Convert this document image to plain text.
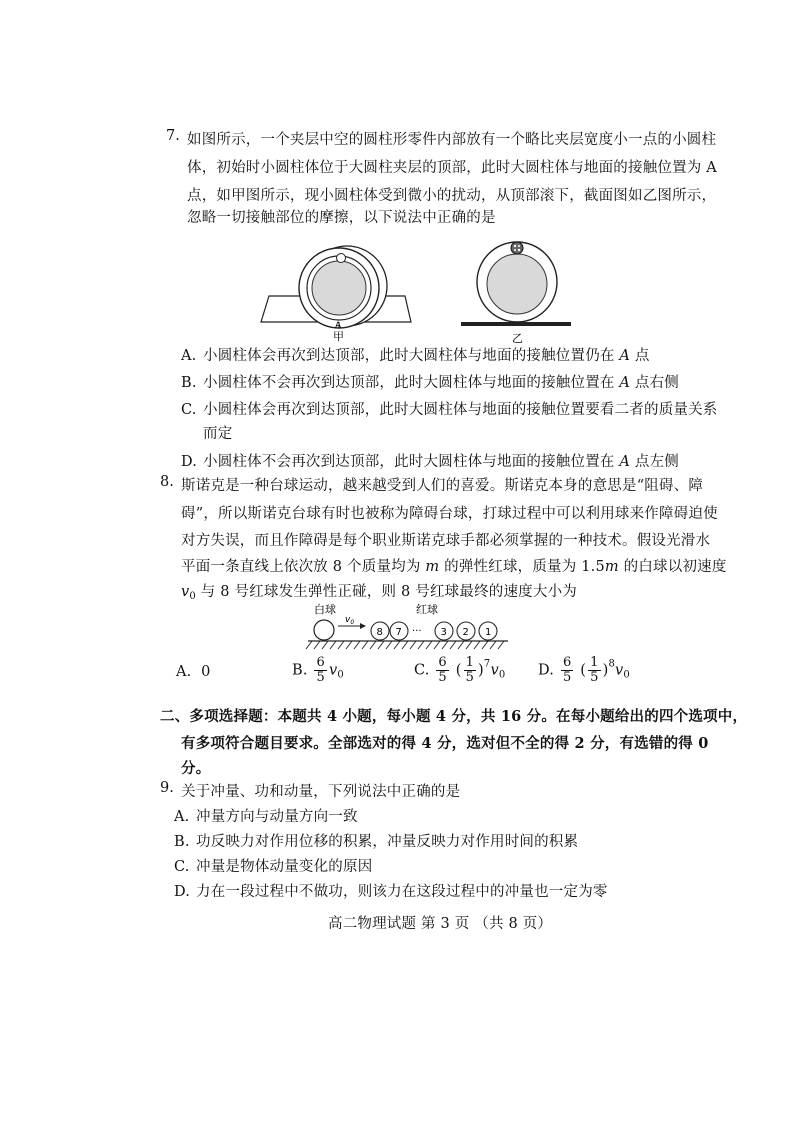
7. 如图所示，一个夹层中空的圆柱形零件内部放有一个略比夹层宽度小一点的小圆柱
体，初始时小圆柱体位于大圆柱夹层的顶部，此时大圆柱体与地面的接触位置为 A
点，如甲图所示，现小圆柱体受到微小的扰动，从顶部滚下，截面图如乙图所示，
忽略一切接触部位的摩擦，以下说法中正确的是
A
甲	乙
A. 小圆柱体会再次到达顶部，此时大圆柱体与地面的接触位置仍在 A 点
B. 小圆柱体不会再次到达顶部，此时大圆柱体与地面的接触位置在 A 点右侧
C. 小圆柱体会再次到达顶部，此时大圆柱体与地面的接触位置要看二者的质量关系
而定
D. 小圆柱体不会再次到达顶部，此时大圆柱体与地面的接触位置在 A 点左侧
8. 斯诺克是一种台球运动，越来越受到人们的喜爱。斯诺克本身的意思是“阻碍、障
碍”，所以斯诺克台球有时也被称为障碍台球，打球过程中可以利用球来作障碍迫使
对方失误，而且作障碍是每个职业斯诺克球手都必须掌握的一种技术。假设光滑水
平面一条直线上依次放 8 个质量均为 m 的弹性红球，质量为 1.5m 的白球以初速度
$v_0$ 与 8 号红球发生弹性正碰，则 8 号红球最终的速度大小为
白球	红球
$v_0$
8 7 ··· 3 2 1
A. 0	B. $\frac{6}{5} v_0$	C. $\frac{6}{5}$ ( $\frac{1}{5} )^7v_0$ D. $\frac{6}{5}$ ( $\frac{1}{5} )^8v_0$
二、多项选择题：本题共 4 小题，每小题 4 分，共 16 分。在每小题给出的四个选项中，
有多项符合题目要求。全部选对的得 4 分，选对但不全的得 2 分，有选错的得 0
分。
9. 关于冲量、功和动量，下列说法中正确的是
A. 冲量方向与动量方向一致
B. 功反映力对作用位移的积累，冲量反映力对作用时间的积累
C. 冲量是物体动量变化的原因
D. 力在一段过程中不做功，则该力在这段过程中的冲量也一定为零
高二物理试题 第 3 页 （共 8 页）
